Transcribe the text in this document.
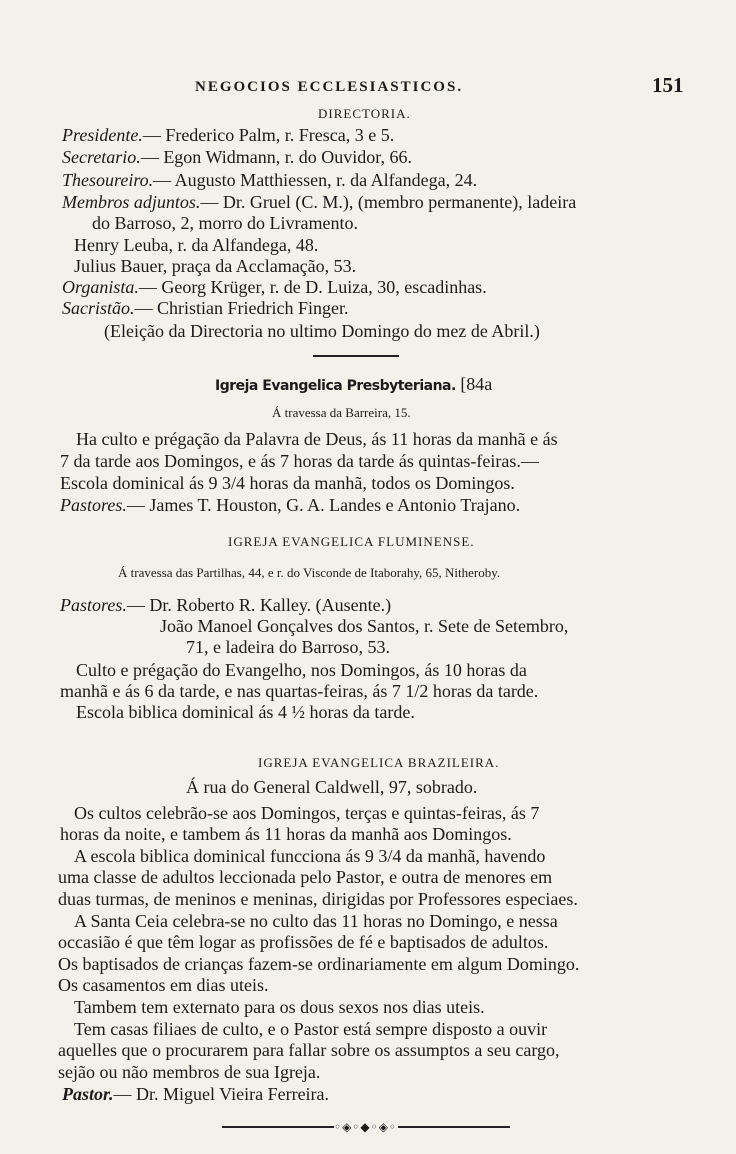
NEGOCIOS ECCLESIASTICOS.	151
DIRECTORIA.
Presidente.— Frederico Palm, r. Fresca, 3 e 5.
Secretario.— Egon Widmann, r. do Ouvidor, 66.
Thesoureiro.— Augusto Matthiessen, r. da Alfandega, 24.
Membros adjuntos.— Dr. Gruel (C. M.), (membro permanente), ladeira
do Barroso, 2, morro do Livramento.
Henry Leuba, r. da Alfandega, 48.
Julius Bauer, praça da Acclamação, 53.
Organista.— Georg Krüger, r. de D. Luiza, 30, escadinhas.
Sacristão.— Christian Friedrich Finger.
(Eleição da Directoria no ultimo Domingo do mez de Abril.)
Igreja Evangelica Presbyteriana. [84a
Á travessa da Barreira, 15.
Ha culto e prégação da Palavra de Deus, ás 11 horas da manhã e ás
7 da tarde aos Domingos, e ás 7 horas da tarde ás quintas-feiras.—
Escola dominical ás 9 3/4 horas da manhã, todos os Domingos.
Pastores.— James T. Houston, G. A. Landes e Antonio Trajano.
IGREJA EVANGELICA FLUMINENSE.
Á travessa das Partilhas, 44, e r. do Visconde de Itaborahy, 65, Nitheroby.
Pastores.— Dr. Roberto R. Kalley. (Ausente.)
João Manoel Gonçalves dos Santos, r. Sete de Setembro,
71, e ladeira do Barroso, 53.
Culto e prégação do Evangelho, nos Domingos, ás 10 horas da
manhã e ás 6 da tarde, e nas quartas-feiras, ás 7 1/2 horas da tarde.
Escola biblica dominical ás 4 ½ horas da tarde.
IGREJA EVANGELICA BRAZILEIRA.
Á rua do General Caldwell, 97, sobrado.
Os cultos celebrão-se aos Domingos, terças e quintas-feiras, ás 7
horas da noite, e tambem ás 11 horas da manhã aos Domingos.
A escola biblica dominical funcciona ás 9 3/4 da manhã, havendo
uma classe de adultos leccionada pelo Pastor, e outra de menores em
duas turmas, de meninos e meninas, dirigidas por Professores especiaes.
A Santa Ceia celebra-se no culto das 11 horas no Domingo, e nessa
occasião é que têm logar as profissões de fé e baptisados de adultos.
Os baptisados de crianças fazem-se ordinariamente em algum Domingo.
Os casamentos em dias uteis.
Tambem tem externato para os dous sexos nos dias uteis.
Tem casas filiaes de culto, e o Pastor está sempre disposto a ouvir
aquelles que o procurarem para fallar sobre os assumptos a seu cargo,
sejão ou não membros de sua Igreja.
Pastor.— Dr. Miguel Vieira Ferreira.
◦◈◦◆◦◈◦
